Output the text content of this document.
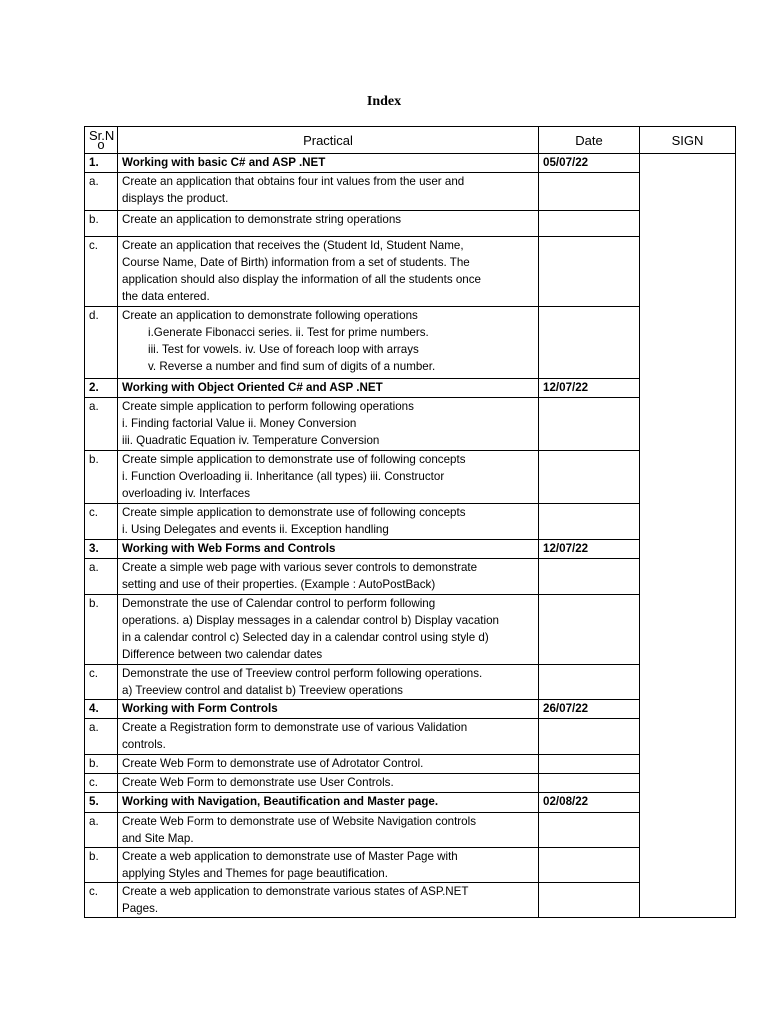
Index
Sr.N o	Practical	Date	SIGN
1.	Working with basic C# and ASP .NET	05/07/22	
a.	Create an application that obtains four int values from the user and
displays the product.		

b.	Create an application to demonstrate string operations		

c.	Create an application that receives the (Student Id, Student Name,
Course Name, Date of Birth) information from a set of students. The
application should also display the information of all the students once
the data entered.		

d.	Create an application to demonstrate following operations
i.Generate Fibonacci series. ii. Test for prime numbers.
iii. Test for vowels. iv. Use of foreach loop with arrays
v. Reverse a number and find sum of digits of a number.		

2.	Working with Object Oriented C# and ASP .NET	12/07/22	
a.	Create simple application to perform following operations
i. Finding factorial Value ii. Money Conversion
iii. Quadratic Equation iv. Temperature Conversion		

b.	Create simple application to demonstrate use of following concepts
i. Function Overloading ii. Inheritance (all types) iii. Constructor
overloading iv. Interfaces		

c.	Create simple application to demonstrate use of following concepts
i. Using Delegates and events ii. Exception handling		

3.	Working with Web Forms and Controls	12/07/22	
a.	Create a simple web page with various sever controls to demonstrate
setting and use of their properties. (Example : AutoPostBack)		

b.	Demonstrate the use of Calendar control to perform following
operations. a) Display messages in a calendar control b) Display vacation
in a calendar control c) Selected day in a calendar control using style d)
Difference between two calendar dates		

c.	Demonstrate the use of Treeview control perform following operations.
a) Treeview control and datalist b) Treeview operations		

4.	Working with Form Controls	26/07/22	
a.	Create a Registration form to demonstrate use of various Validation
controls.		

b.	Create Web Form to demonstrate use of Adrotator Control.		

c.	Create Web Form to demonstrate use User Controls.		

5.	Working with Navigation, Beautification and Master page.	02/08/22	
a.	Create Web Form to demonstrate use of Website Navigation controls
and Site Map.		

b.	Create a web application to demonstrate use of Master Page with
applying Styles and Themes for page beautification.		

c.	Create a web application to demonstrate various states of ASP.NET
Pages.		
